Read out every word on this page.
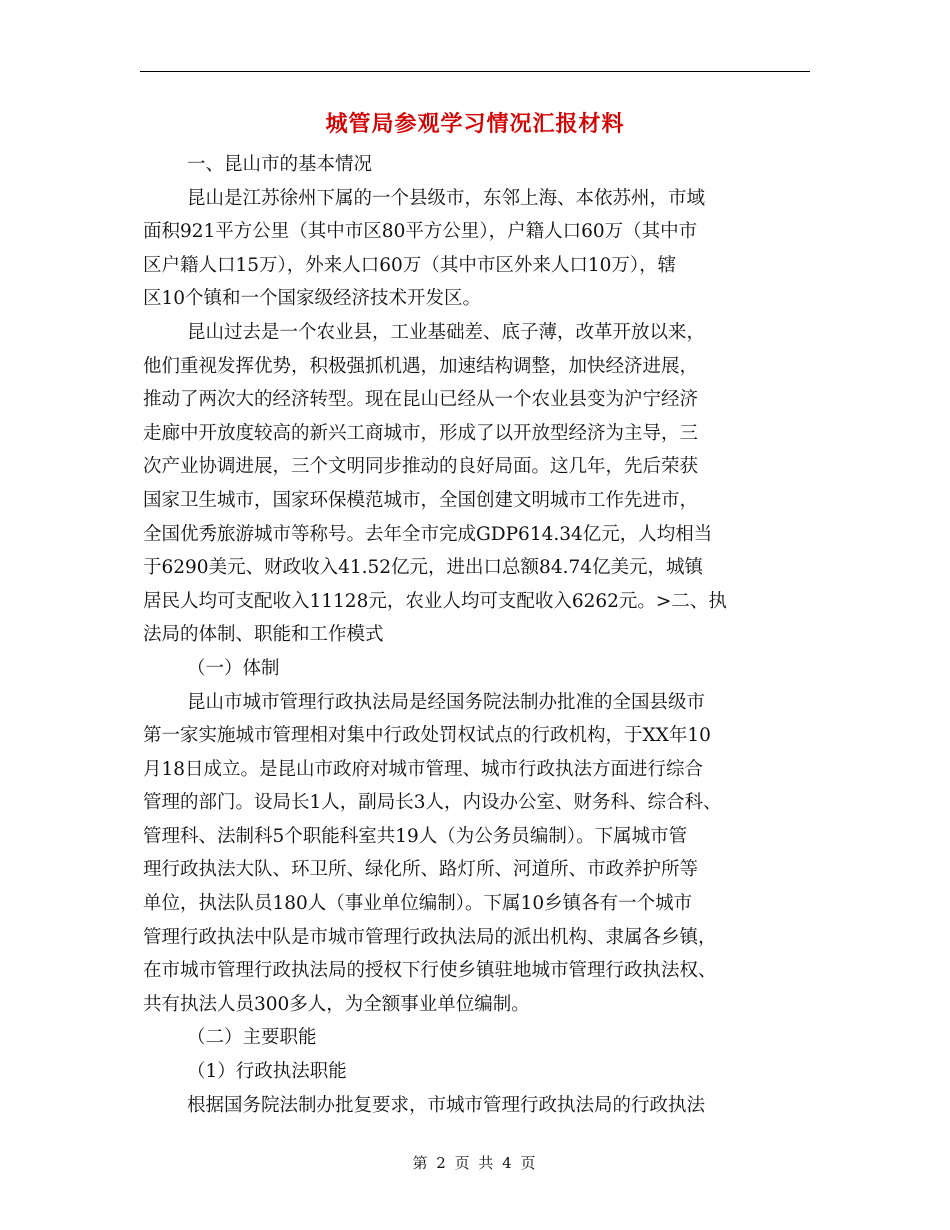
城管局参观学习情况汇报材料
一、昆山市的基本情况
昆山是江苏徐州下属的一个县级市，东邻上海、本依苏州，市域
面积921平方公里（其中市区80平方公里），户籍人口60万（其中市
区户籍人口15万），外来人口60万（其中市区外来人口10万），辖
区10个镇和一个国家级经济技术开发区。
昆山过去是一个农业县，工业基础差、底子薄，改革开放以来，
他们重视发挥优势，积极强抓机遇，加速结构调整，加快经济进展，
推动了两次大的经济转型。现在昆山已经从一个农业县变为沪宁经济
走廊中开放度较高的新兴工商城市，形成了以开放型经济为主导，三
次产业协调进展，三个文明同步推动的良好局面。这几年，先后荣获
国家卫生城市，国家环保模范城市，全国创建文明城市工作先进市，
全国优秀旅游城市等称号。去年全市完成GDP614.34亿元，人均相当
于6290美元、财政收入41.52亿元，进出口总额84.74亿美元，城镇
居民人均可支配收入11128元，农业人均可支配收入6262元。>二、执
法局的体制、职能和工作模式
（一）体制
昆山市城市管理行政执法局是经国务院法制办批准的全国县级市
第一家实施城市管理相对集中行政处罚权试点的行政机构，于XX年10
月18日成立。是昆山市政府对城市管理、城市行政执法方面进行综合
管理的部门。设局长1人，副局长3人，内设办公室、财务科、综合科、
管理科、法制科5个职能科室共19人（为公务员编制）。下属城市管
理行政执法大队、环卫所、绿化所、路灯所、河道所、市政养护所等
单位，执法队员180人（事业单位编制）。下属10乡镇各有一个城市
管理行政执法中队是市城市管理行政执法局的派出机构、隶属各乡镇，
在市城市管理行政执法局的授权下行使乡镇驻地城市管理行政执法权、
共有执法人员300多人，为全额事业单位编制。
（二）主要职能
（1）行政执法职能
根据国务院法制办批复要求，市城市管理行政执法局的行政执法
第 2 页 共 4 页
